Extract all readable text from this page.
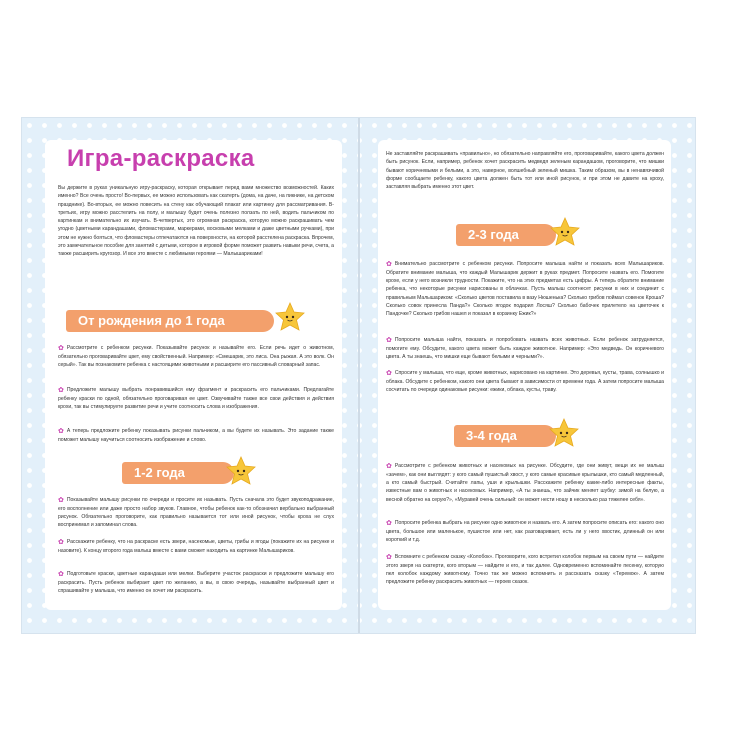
Игра-раскраска

Вы держите в руках уникальную игру-раскраску, которая открывает перед вами множество возможностей. Каких именно? Все очень просто! Во-первых, ее можно использовать как скатерть (дома, на даче, на пикнике, на детском празднике). Во-вторых, ее можно повесить на стену как обучающий плакат или картинку для рассматривания. В-третьих, игру можно расстелить на полу, и малышу будет очень полезно ползать по ней, водить пальчиком по картинкам и внимательно их изучать. В-четвертых, это огромная раскраска, которую можно раскрашивать чем угодно (цветными карандашами, фломастерами, маркерами, восковыми мелками и даже цветными ручками), при этом не нужно бояться, что фломастеры отпечатаются на поверхности, на которой расстелена раскраска. Впрочем, это замечательное пособие для занятий с детьми, которое в игровой форме поможет развить навыки речи, счета, а также расширить кругозор. И все это вместе с любимыми героями — Малышариками!

От рождения до 1 года
✿ Рассмотрите с ребенком рисунки. Показывайте рисунок и называйте его. Если речь идет о животном, обязательно проговаривайте цвет, ему свойственный. Например: «Смешарик, это лиса. Она рыжая. А это волк. Он серый». Так вы познакомите ребенка с настоящими животными и расширите его пассивный словарный запас.
✿ Предложите малышу выбрать понравившийся ему фрагмент и раскрасить его пальчиками. Предлагайте ребенку краски по одной, обязательно проговаривая ее цвет. Озвучивайте также все свои действия и действия крохи, так вы стимулируете развитие речи и учите соотносить слова и изображения.
✿ А теперь предложите ребенку показывать рисунки пальчиком, а вы будете их называть. Это задание также поможет малышу научиться соотносить изображение и слово.
1-2 года
✿ Показывайте малышу рисунки по очереди и просите их называть. Пусть сначала это будет звукоподражание, его восполнение или даже просто набор звуков. Главное, чтобы ребенок как-то обозначил вербально выбранный рисунок. Обязательно проговорите, как правильно называется тот или иной рисунок, чтобы кроха не слух воспринимал и запоминал слова.
✿ Расскажите ребенку, что на раскраске есть звери, насекомые, цветы, грибы и ягоды (покажите их на рисунке и назовите). К концу второго года малыш вместе с вами сможет находить на картинке Малышариков.
✿ Подготовьте краски, цветные карандаши или мелки. Выберите участок раскраски и предложите малышу его раскрасить. Пусть ребенок выбирает цвет по желанию, а вы, в свою очередь, называйте выбранный цвет и спрашивайте у малыша, что именно он хочет им раскрасить.

Не заставляйте раскрашивать «правильно», но обязательно направляйте его, проговаривайте, какого цвета должен быть рисунок. Если, например, ребенок хочет раскрасить медведя зеленым карандашом, проговорите, что мишки бывают коричневыми и белыми, а это, наверное, волшебный зеленый мишка. Таким образом, вы в ненавязчивой форме сообщаете ребенку, какого цвета должен быть тот или иной рисунок, и при этом не давите на кроху, заставляя выбрать именно этот цвет.

2-3 года
✿ Внимательно рассмотрите с ребенком рисунки. Попросите малыша найти и показать всех Малышариков. Обратите внимание малыша, что каждый Малышарик держит в руках предмет. Попросите назвать его. Помогите крохе, если у него возникли трудности. Покажите, что на этих предметах есть цифры. А теперь обратите внимание ребенка, что некоторые рисунки нарисованы в облачках. Пусть малыш соотнесет рисунки в них и соединит с правильным Малышариком: «Сколько цветов поставила в вазу Нюшенька? Сколько грибов поймал совенок Кроша? Сколько совок принесла Панда?» Сколько ягодок подарил Лосяш? Сколько бабочек прилетело на цветочек к Пандочке? Сколько грибов нашел и показал в корзинку Ежик?»
✿ Попросите малыша найти, показать и попробовать назвать всех животных. Если ребенок затрудняется, помогите ему. Обсудите, какого цвета может быть каждое животное. Например: «Это медведь. Он коричневого цвета. А ты знаешь, что мишки еще бывают белыми и черными?».
✿ Спросите у малыша, что еще, кроме животных, нарисовано на картинке. Это деревья, кусты, трава, солнышко и облака. Обсудите с ребенком, какого они цвета бывают в зависимости от времени года. А затем попросите малыша сосчитать по очереди одинаковые рисунки: ежики, облака, кусты, траву.
3-4 года
✿ Рассмотрите с ребенком животных и насекомых на рисунке. Обсудите, где они живут, вещи их не малыш «зачем», как они выглядят: у кого самый пушистый хвост, у кого самые красивые крылышки, кто самый медленный, а кто самый быстрый. Считайте лапы, уши и крылышки. Расскажите ребенку какие-либо интересные факты, известные вам о животных и насекомых. Например, «А ты знаешь, что зайчик меняет шубку: зимой на белую, а весной обратно на серую?», «Муравей очень сильный: он может нести ношу в несколько раз тяжелее себя».
✿ Попросите ребенка выбрать на рисунке одно животное и назвать его. А затем попросите описать его: какого оно цвета, большое или маленькое, пушистое или нет, как разговаривает, есть ли у него хвостик, длинный он или короткий и т.д.
✿ Вспомните с ребенком сказку «Колобок». Проговорите, кого встретил колобок первым на своем пути — найдите этого зверя на скатерти, кого вторым — найдите и его, и так далее. Одновременно вспоминайте песенку, которую пел колобок каждому животному. Точно так же можно вспомнить и рассказать сказку «Теремок». А затем предложите ребенку раскрасить животных — героев сказок.
